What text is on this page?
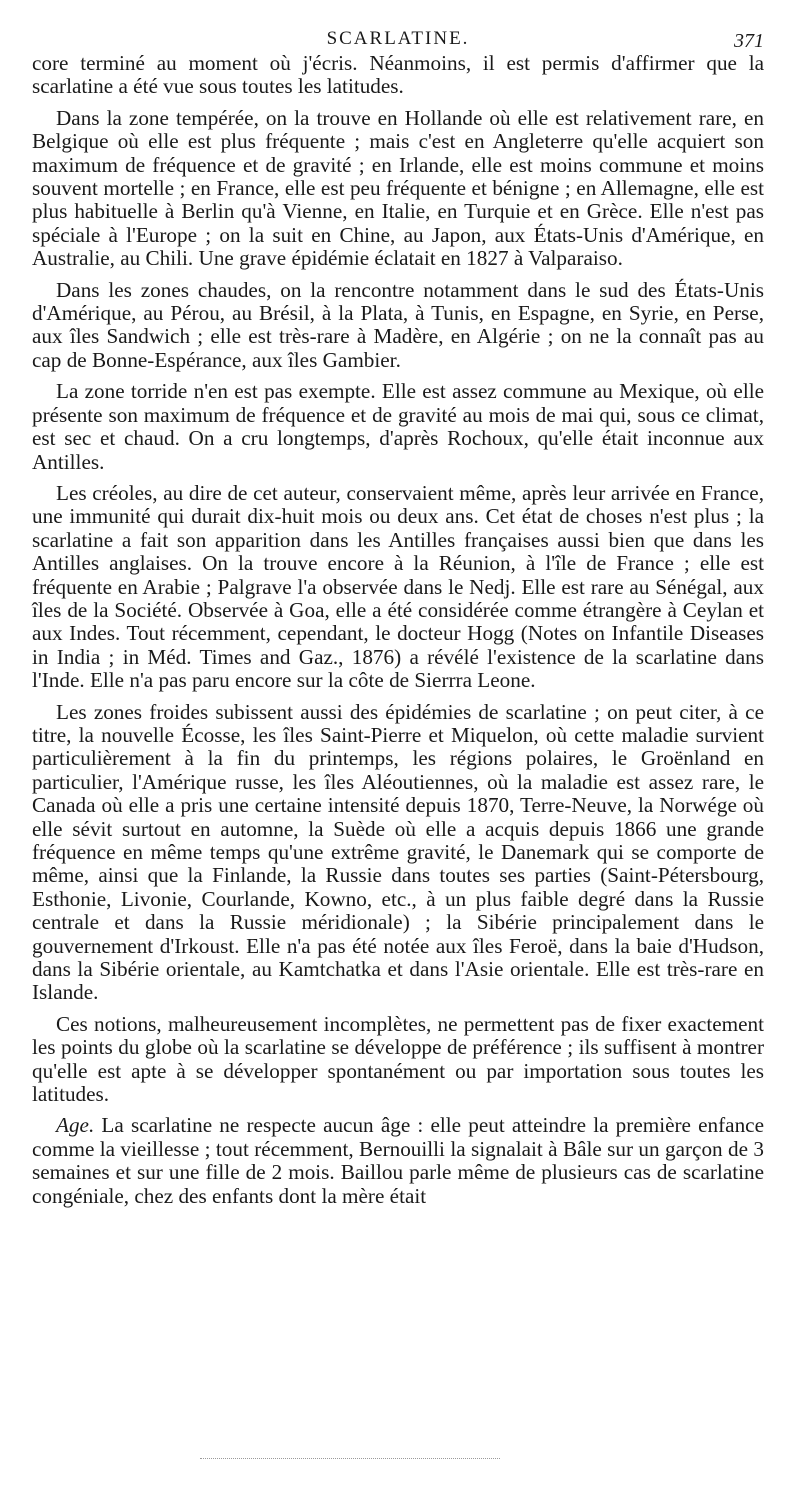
SCARLATINE.	371

core terminé au moment où j'écris. Néanmoins, il est permis d'affirmer que la scarlatine a été vue sous toutes les latitudes.

Dans la zone tempérée, on la trouve en Hollande où elle est relativement rare, en Belgique où elle est plus fréquente ; mais c'est en Angleterre qu'elle acquiert son maximum de fréquence et de gravité ; en Irlande, elle est moins commune et moins souvent mortelle ; en France, elle est peu fréquente et bénigne ; en Allemagne, elle est plus habituelle à Berlin qu'à Vienne, en Italie, en Turquie et en Grèce. Elle n'est pas spéciale à l'Europe ; on la suit en Chine, au Japon, aux États-Unis d'Amérique, en Australie, au Chili. Une grave épidémie éclatait en 1827 à Valparaiso.

Dans les zones chaudes, on la rencontre notamment dans le sud des États-Unis d'Amérique, au Pérou, au Brésil, à la Plata, à Tunis, en Espagne, en Syrie, en Perse, aux îles Sandwich ; elle est très-rare à Madère, en Algérie ; on ne la connaît pas au cap de Bonne-Espérance, aux îles Gambier.

La zone torride n'en est pas exempte. Elle est assez commune au Mexique, où elle présente son maximum de fréquence et de gravité au mois de mai qui, sous ce climat, est sec et chaud. On a cru longtemps, d'après Rochoux, qu'elle était inconnue aux Antilles.

Les créoles, au dire de cet auteur, conservaient même, après leur arrivée en France, une immunité qui durait dix-huit mois ou deux ans. Cet état de choses n'est plus ; la scarlatine a fait son apparition dans les Antilles françaises aussi bien que dans les Antilles anglaises. On la trouve encore à la Réunion, à l'île de France ; elle est fréquente en Arabie ; Palgrave l'a observée dans le Nedj. Elle est rare au Sénégal, aux îles de la Société. Observée à Goa, elle a été considérée comme étrangère à Ceylan et aux Indes. Tout récemment, cependant, le docteur Hogg (Notes on Infantile Diseases in India ; in Méd. Times and Gaz., 1876) a révélé l'existence de la scarlatine dans l'Inde. Elle n'a pas paru encore sur la côte de Sierrra Leone.

Les zones froides subissent aussi des épidémies de scarlatine ; on peut citer, à ce titre, la nouvelle Écosse, les îles Saint-Pierre et Miquelon, où cette maladie survient particulièrement à la fin du printemps, les régions polaires, le Groënland en particulier, l'Amérique russe, les îles Aléoutiennes, où la maladie est assez rare, le Canada où elle a pris une certaine intensité depuis 1870, Terre-Neuve, la Norwége où elle sévit surtout en automne, la Suède où elle a acquis depuis 1866 une grande fréquence en même temps qu'une extrême gravité, le Danemark qui se comporte de même, ainsi que la Finlande, la Russie dans toutes ses parties (Saint-Pétersbourg, Esthonie, Livonie, Courlande, Kowno, etc., à un plus faible degré dans la Russie centrale et dans la Russie méridionale) ; la Sibérie principalement dans le gouvernement d'Irkoust. Elle n'a pas été notée aux îles Feroë, dans la baie d'Hudson, dans la Sibérie orientale, au Kamtchatka et dans l'Asie orientale. Elle est très-rare en Islande.

Ces notions, malheureusement incomplètes, ne permettent pas de fixer exactement les points du globe où la scarlatine se développe de préférence ; ils suffisent à montrer qu'elle est apte à se développer spontanément ou par importation sous toutes les latitudes.

Age. La scarlatine ne respecte aucun âge : elle peut atteindre la première enfance comme la vieillesse ; tout récemment, Bernouilli la signalait à Bâle sur un garçon de 3 semaines et sur une fille de 2 mois. Baillou parle même de plusieurs cas de scarlatine congéniale, chez des enfants dont la mère était
